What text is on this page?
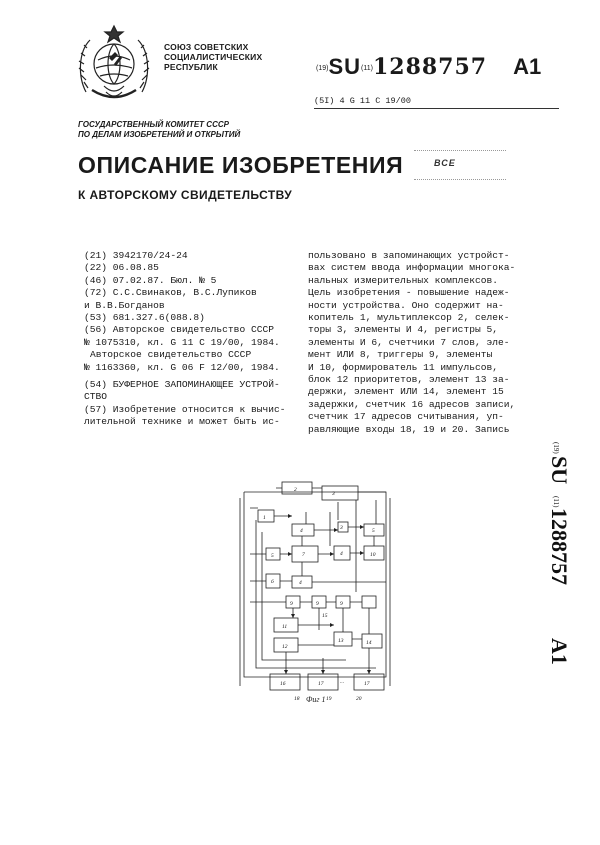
СОЮЗ СОВЕТСКИХ
СОЦИАЛИСТИЧЕСКИХ
РЕСПУБЛИК	$^{(19)}$SU$^{(11)}$1288757 A1
(5I) 4 G 11 C 19/00
ГОСУДАРСТВЕННЫЙ КОМИТЕТ СССР
ПО ДЕЛАМ ИЗОБРЕТЕНИЙ И ОТКРЫТИЙ
ОПИСАНИЕ ИЗОБРЕТЕНИЯ
К АВТОРСКОМУ СВИДЕТЕЛЬСТВУ
ВСЕ
(21) 3942170/24-24
(22) 06.08.85
(46) 07.02.87. Бюл. № 5
(72) С.С.Свинаков, В.С.Лупиков
и В.В.Богданов
(53) 681.327.6(088.8)
(56) Авторское свидетельство СССР
№ 1075310, кл. G 11 C 19/00, 1984.
Авторское свидетельство СССР
№ 1163360, кл. G 06 F 12/00, 1984.
(54) БУФЕРНОЕ ЗАПОМИНАЮЩЕЕ УСТРОЙ-
СТВО
(57) Изобретение относится к вычис-
лительной технике и может быть ис-
пользовано в запоминающих устройст-
вах систем ввода информации многока-
нальных измерительных комплексов.
Цель изобретения - повышение надеж-
ности устройства. Оно содержит на-
копитель 1, мультиплексор 2, селек-
торы 3, элементы И 4, регистры 5,
элементы И 6, счетчики 7 слов, эле-
мент ИЛИ 8, триггеры 9, элементы
И 10, формирователь 11 импульсов,
блок 12 приоритетов, элемент 13 за-
держки, элемент ИЛИ 14, элемент 15
задержки, счетчик 16 адресов записи,
счетчик 17 адресов считывания, уп-
равляющие входы 18, 19 и 20. Запись
(19)
SU
(11)
1288757
A1
3
2
1
4	5
3
4
5	7
6	4
10
9	9	9
11
12
13	14
15
16	17	17
18	19	20
...
Фиг 1
